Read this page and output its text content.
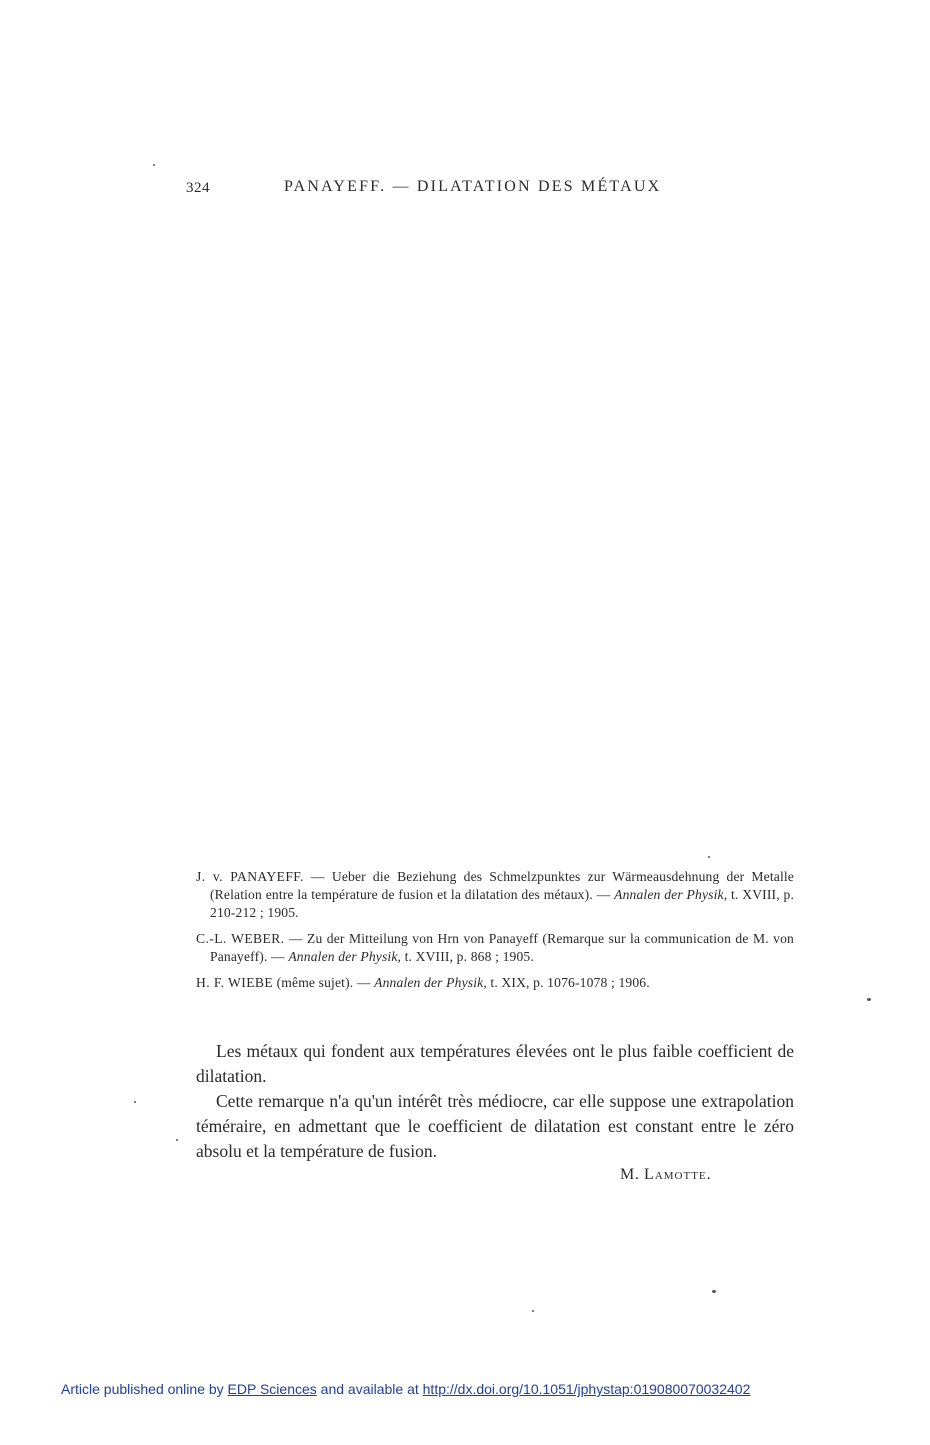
324	PANAYEFF. — DILATATION DES MÉTAUX

J. v. PANAYEFF. — Ueber die Beziehung des Schmelzpunktes zur Wärmeausdehnung der Metalle (Relation entre la température de fusion et la dilatation des métaux). — Annalen der Physik, t. XVIII, p. 210-212 ; 1905.

C.-L. WEBER. — Zu der Mitteilung von Hrn von Panayeff (Remarque sur la communication de M. von Panayeff). — Annalen der Physik, t. XVIII, p. 868 ; 1905.

H. F. WIEBE (même sujet). — Annalen der Physik, t. XIX, p. 1076-1078 ; 1906.

Les métaux qui fondent aux températures élevées ont le plus faible coefficient de dilatation.

Cette remarque n'a qu'un intérêt très médiocre, car elle suppose une extrapolation téméraire, en admettant que le coefficient de dilatation est constant entre le zéro absolu et la température de fusion.

M. Lamotte.
Article published online by EDP Sciences and available at http://dx.doi.org/10.1051/jphystap:019080070032402
